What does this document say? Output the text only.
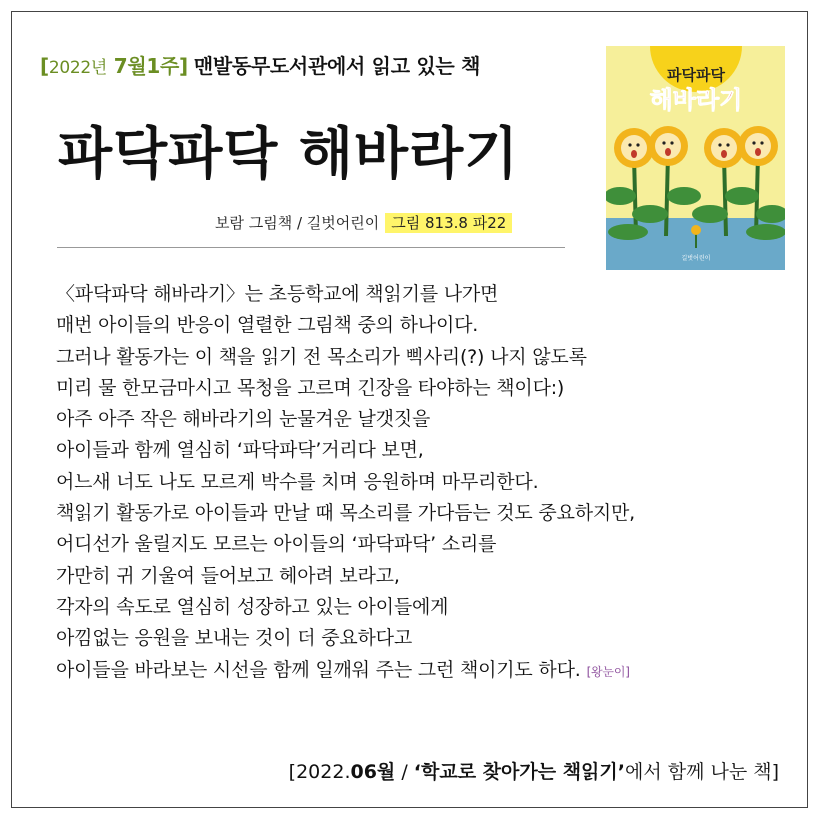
[2022년 7월1주] 맨발동무도서관에서 읽고 있는 책
파닥파닥 해바라기
보람 그림책 / 길벗어린이 그림 813.8 파22
파닥파닥
해바라기
길벗어린이
〈파닥파닥 해바라기〉는 초등학교에 책읽기를 나가면
매번 아이들의 반응이 열렬한 그림책 중의 하나이다.
그러나 활동가는 이 책을 읽기 전 목소리가 삑사리(?) 나지 않도록
미리 물 한모금마시고 목청을 고르며 긴장을 타야하는 책이다:)
아주 아주 작은 해바라기의 눈물겨운 날갯짓을
아이들과 함께 열심히 ‘파닥파닥’거리다 보면,
어느새 너도 나도 모르게 박수를 치며 응원하며 마무리한다.
책읽기 활동가로 아이들과 만날 때 목소리를 가다듬는 것도 중요하지만,
어디선가 울릴지도 모르는 아이들의 ‘파닥파닥’ 소리를
가만히 귀 기울여 들어보고 헤아려 보라고,
각자의 속도로 열심히 성장하고 있는 아이들에게
아낌없는 응원을 보내는 것이 더 중요하다고
아이들을 바라보는 시선을 함께 일깨워 주는 그런 책이기도 하다. [왕눈이]
[2022.06월 / ‘학교로 찾아가는 책읽기’에서 함께 나눈 책]
